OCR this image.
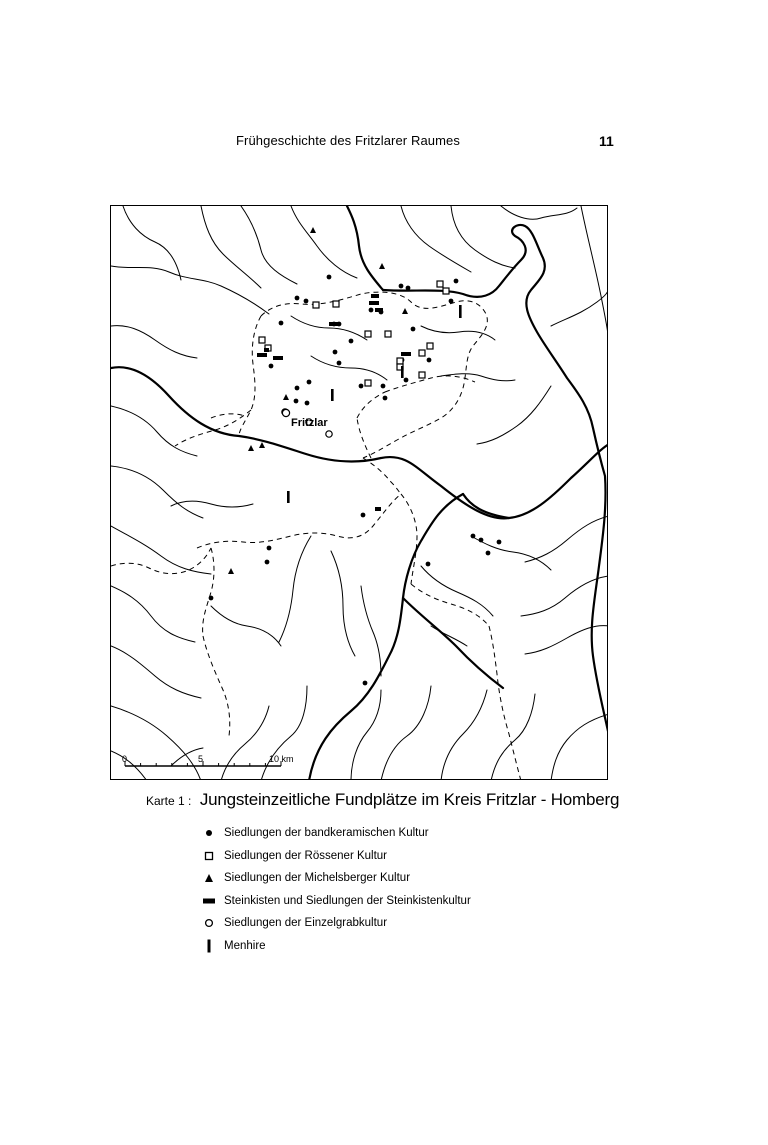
Frühgeschichte des Fritzlarer Raumes	11
Fritzlar
0	5	10 km
Karte 1 : Jungsteinzeitliche Fundplätze im Kreis Fritzlar - Homberg
Siedlungen der bandkeramischen Kultur
Siedlungen der Rössener Kultur
Siedlungen der Michelsberger Kultur
Steinkisten und Siedlungen der Steinkistenkultur
Siedlungen der Einzelgrabkultur
Menhire
